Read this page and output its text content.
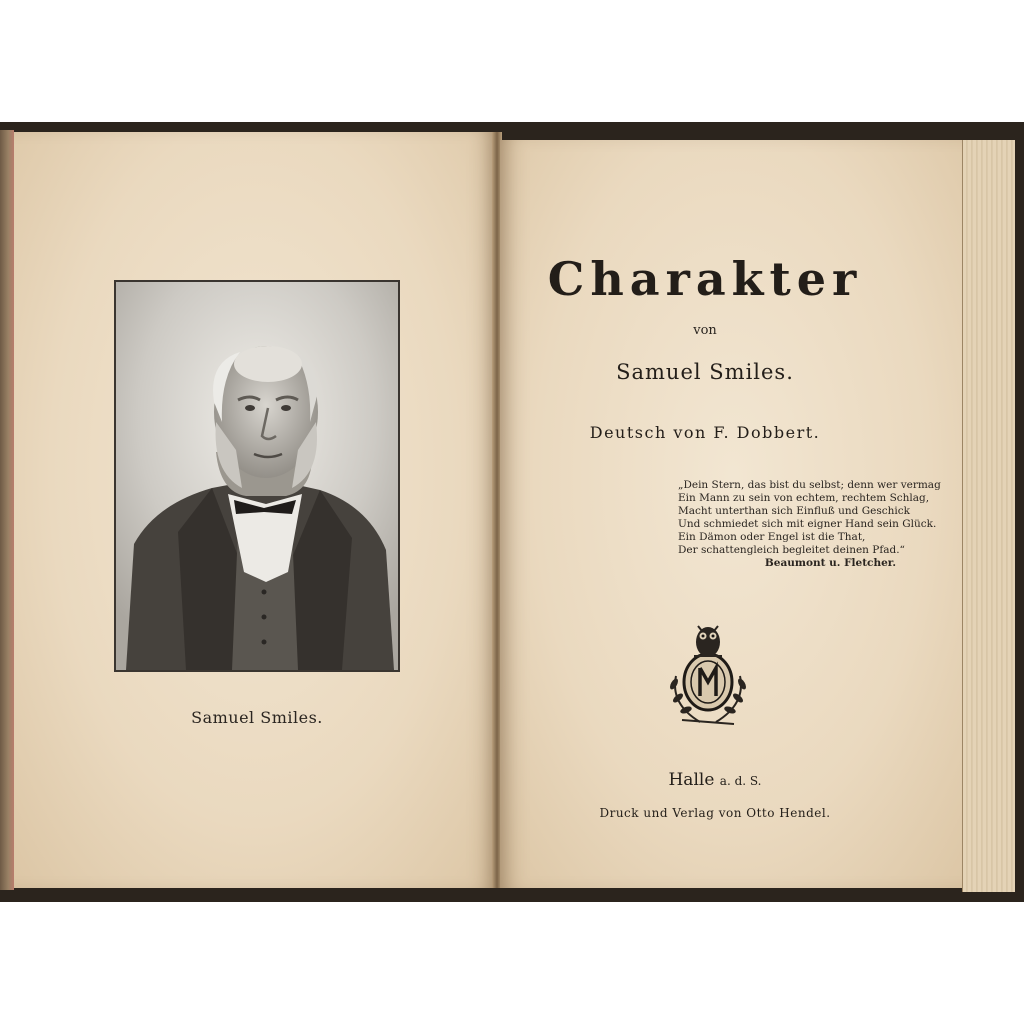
Samuel Smiles.
Charakter
von
Samuel Smiles.
Deutsch von F. Dobbert.
„Dein Stern, das bist du selbst; denn wer vermag
Ein Mann zu sein von echtem, rechtem Schlag,
Macht unterthan sich Einfluß und Geschick
Und schmiedet sich mit eigner Hand sein Glück.
Ein Dämon oder Engel ist die That,
Der schattengleich begleitet deinen Pfad.“
Beaumont u. Fletcher.
Halle a. d. S.
Druck und Verlag von Otto Hendel.
